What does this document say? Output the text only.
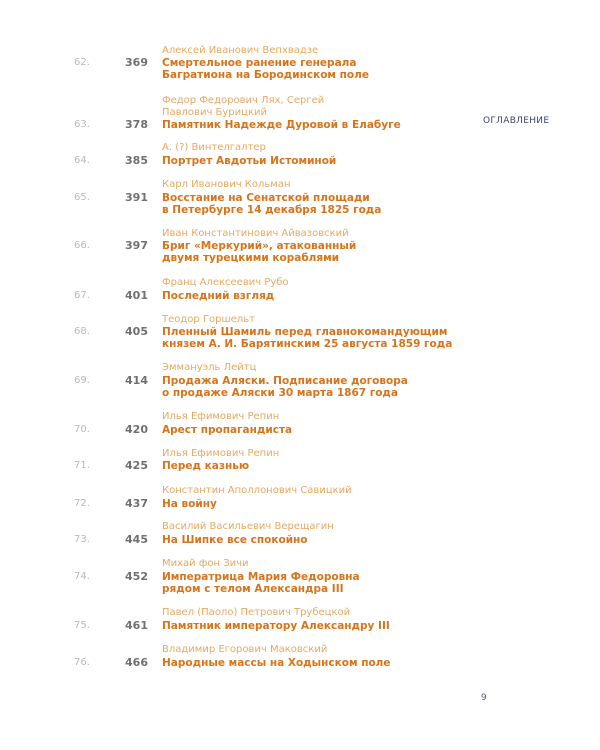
Алексей Иванович Вепхвадзе
62.	369 Смертельное ранение генерала
Багратиона на Бородинском поле
Федор Федорович Лях, Сергей
Павлович Бурицкий
63.	378 Памятник Надежде Дуровой в Елабуге
А. (?) Винтелгалтер
64.	385 Портрет Авдотьи Истоминой
Карл Иванович Кольман
65.	391 Восстание на Сенатской площади
в Петербурге 14 декабря 1825 года
Иван Константинович Айвазовский
66.	397 Бриг «Меркурий», атакованный
двумя турецкими кораблями
Франц Алексеевич Рубо
67.	401 Последний взгляд
Теодор Горшельт
68.	405 Пленный Шамиль перед главнокомандующим
князем А. И. Барятинским 25 августа 1859 года
Эммануэль Лейтц
69.	414 Продажа Аляски. Подписание договора
о продаже Аляски 30 марта 1867 года
Илья Ефимович Репин
70.	420 Арест пропагандиста
Илья Ефимович Репин
71.	425 Перед казнью
Константин Аполлонович Савицкий
72.	437 На войну
Василий Васильевич Верещагин
73.	445 На Шипке все спокойно
Михай фон Зичи
74.	452 Императрица Мария Федоровна
рядом с телом Александра III
Павел (Паоло) Петрович Трубецкой
75.	461 Памятник императору Александру III
Владимир Егорович Маковский
76.	466 Народные массы на Ходынском поле
ОГЛАВЛЕНИЕ
9
